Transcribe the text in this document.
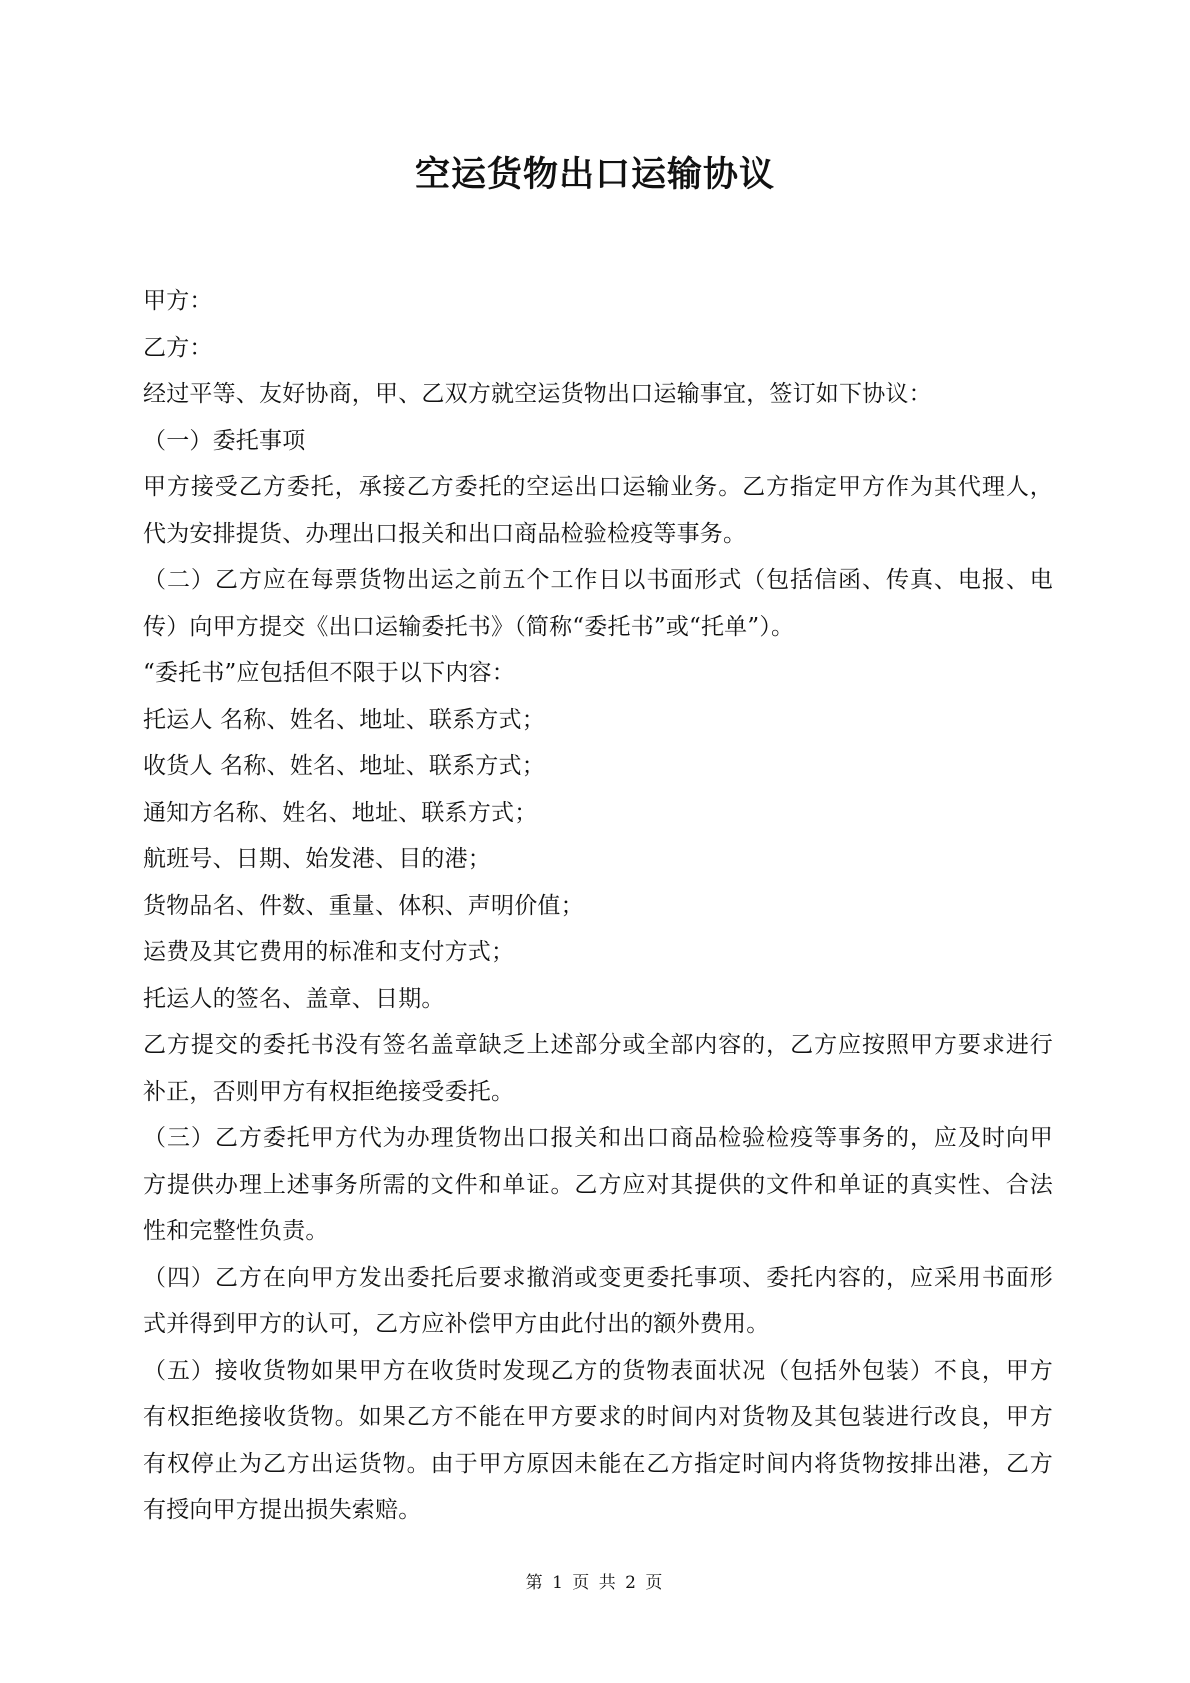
空运货物出口运输协议
甲方：
乙方：
经过平等、友好协商，甲、乙双方就空运货物出口运输事宜，签订如下协议：
（一）委托事项
甲方接受乙方委托，承接乙方委托的空运出口运输业务。乙方指定甲方作为其代理人，
代为安排提货、办理出口报关和出口商品检验检疫等事务。
（二）乙方应在每票货物出运之前五个工作日以书面形式（包括信函、传真、电报、电
传）向甲方提交《出口运输委托书》（简称“委托书”或“托单”）。
“委托书”应包括但不限于以下内容：
托运人 名称、姓名、地址、联系方式；
收货人 名称、姓名、地址、联系方式；
通知方名称、姓名、地址、联系方式；
航班号、日期、始发港、目的港；
货物品名、件数、重量、体积、声明价值；
运费及其它费用的标准和支付方式；
托运人的签名、盖章、日期。
乙方提交的委托书没有签名盖章缺乏上述部分或全部内容的，乙方应按照甲方要求进行
补正，否则甲方有权拒绝接受委托。
（三）乙方委托甲方代为办理货物出口报关和出口商品检验检疫等事务的，应及时向甲
方提供办理上述事务所需的文件和单证。乙方应对其提供的文件和单证的真实性、合法
性和完整性负责。
（四）乙方在向甲方发出委托后要求撤消或变更委托事项、委托内容的，应采用书面形
式并得到甲方的认可，乙方应补偿甲方由此付出的额外费用。
（五）接收货物如果甲方在收货时发现乙方的货物表面状况（包括外包装）不良，甲方
有权拒绝接收货物。如果乙方不能在甲方要求的时间内对货物及其包装进行改良，甲方
有权停止为乙方出运货物。由于甲方原因未能在乙方指定时间内将货物按排出港，乙方
有授向甲方提出损失索赔。
第 1 页 共 2 页
